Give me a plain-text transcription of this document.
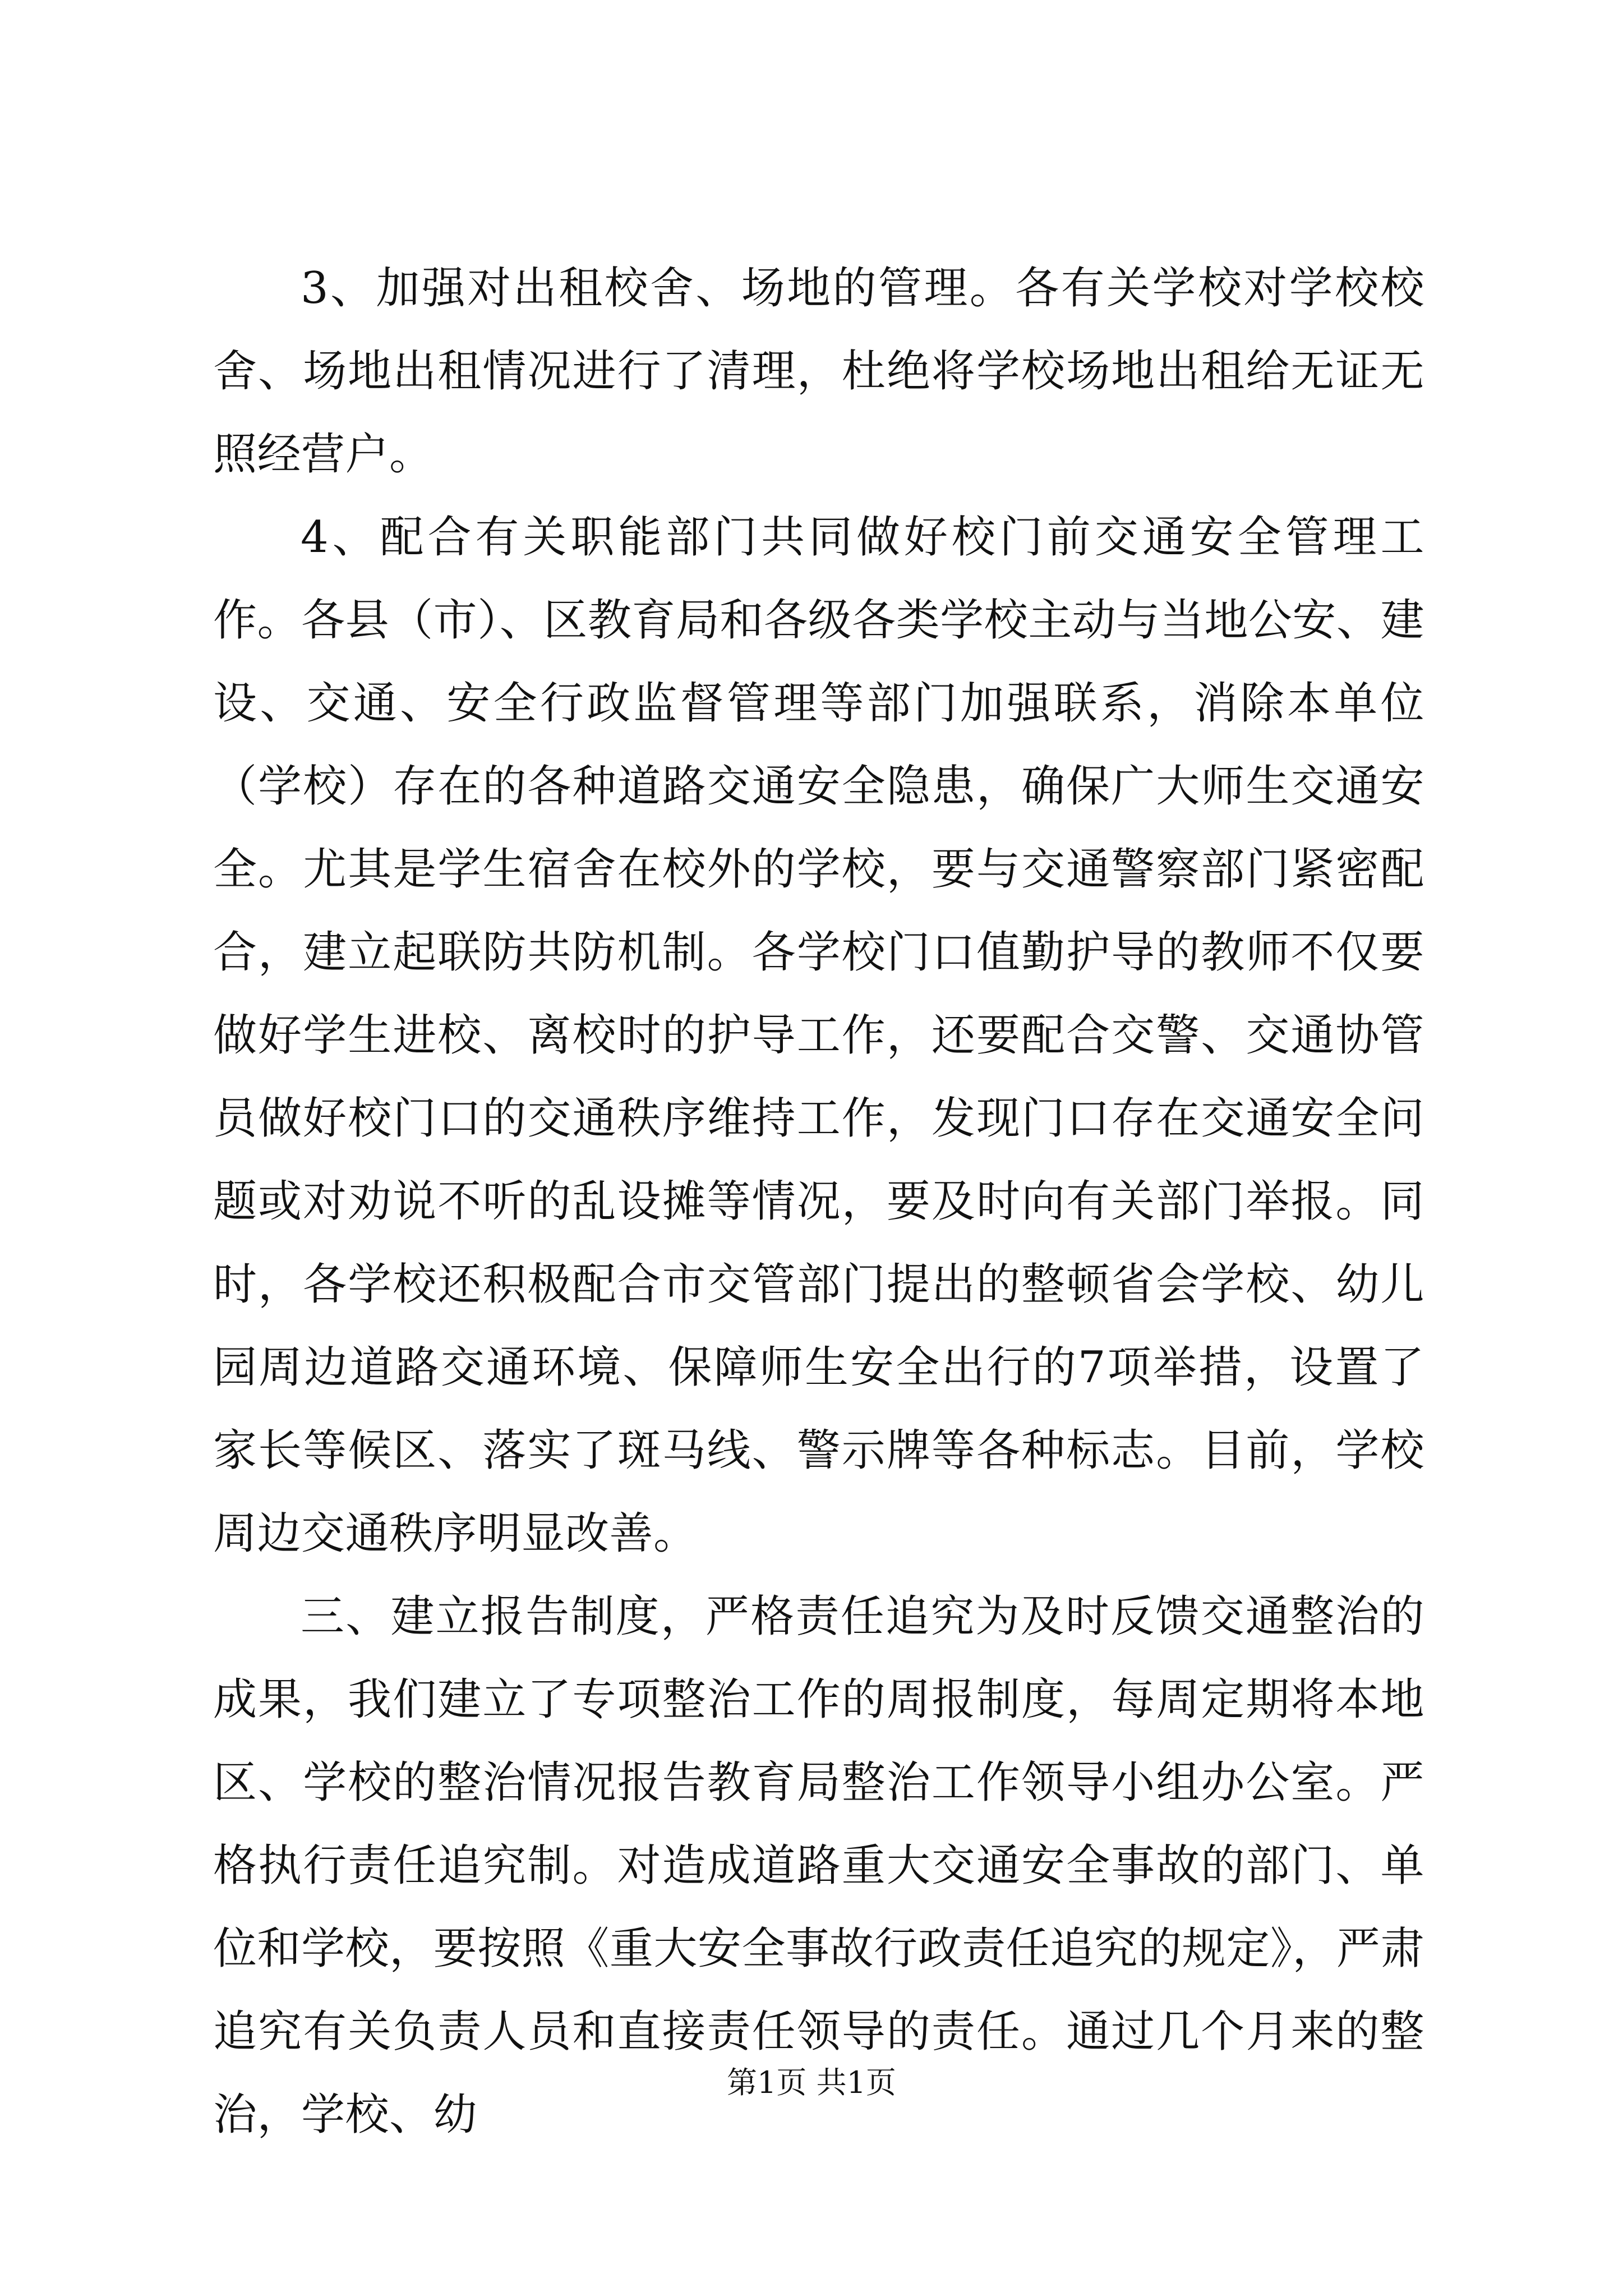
3、加强对出租校舍、场地的管理。各有关学校对学校校舍、场地出租情况进行了清理，杜绝将学校场地出租给无证无照经营户。

4、配合有关职能部门共同做好校门前交通安全管理工作。各县（市）、区教育局和各级各类学校主动与当地公安、建设、交通、安全行政监督管理等部门加强联系，消除本单位（学校）存在的各种道路交通安全隐患，确保广大师生交通安全。尤其是学生宿舍在校外的学校，要与交通警察部门紧密配合，建立起联防共防机制。各学校门口值勤护导的教师不仅要做好学生进校、离校时的护导工作，还要配合交警、交通协管员做好校门口的交通秩序维持工作，发现门口存在交通安全问题或对劝说不听的乱设摊等情况，要及时向有关部门举报。同时，各学校还积极配合市交管部门提出的整顿省会学校、幼儿园周边道路交通环境、保障师生安全出行的7项举措，设置了家长等候区、落实了斑马线、警示牌等各种标志。目前，学校周边交通秩序明显改善。

三、建立报告制度，严格责任追究为及时反馈交通整治的成果，我们建立了专项整治工作的周报制度，每周定期将本地区、学校的整治情况报告教育局整治工作领导小组办公室。严格执行责任追究制。对造成道路重大交通安全事故的部门、单位和学校，要按照《重大安全事故行政责任追究的规定》，严肃追究有关负责人员和直接责任领导的责任。通过几个月来的整治，学校、幼

第1页 共1页
